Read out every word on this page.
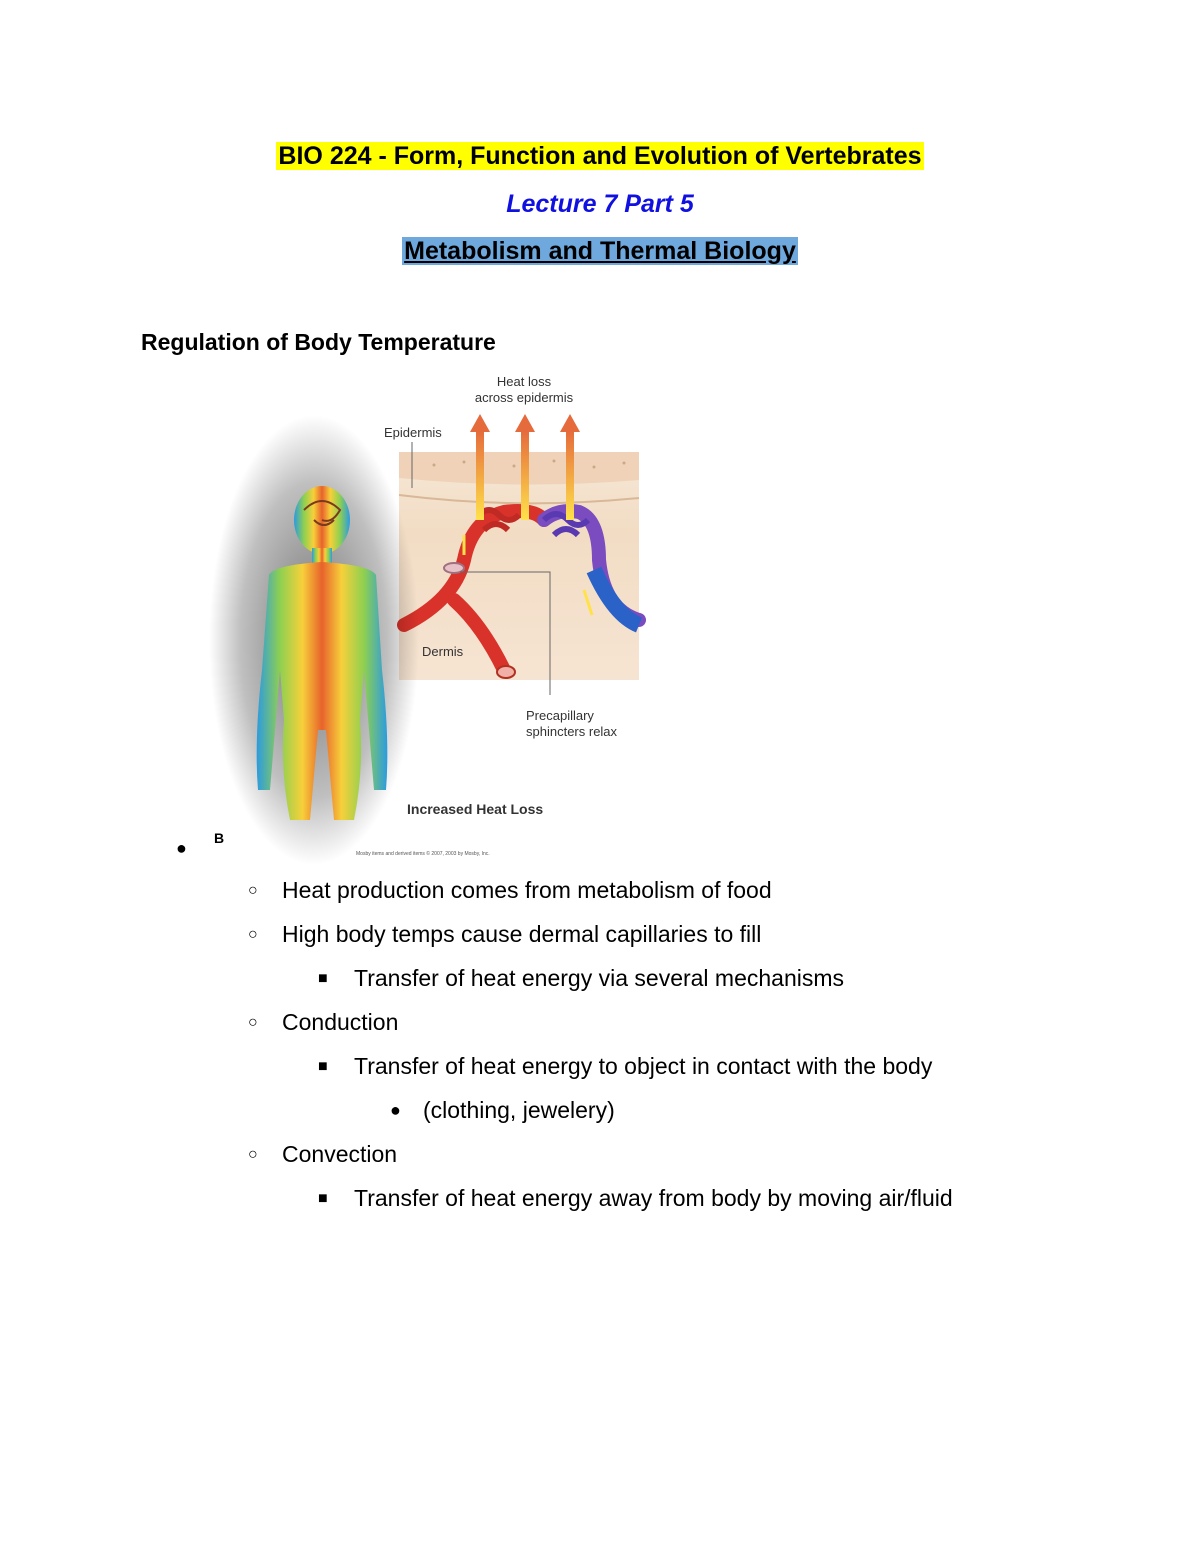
BIO 224 - Form, Function and Evolution of Vertebrates
Lecture 7 Part 5
Metabolism and Thermal Biology
Regulation of Body Temperature
Heat loss
across epidermis
Epidermis
Dermis
Precapillary
sphincters relax
Increased Heat Loss
Mosby items and derived items © 2007, 2003 by Mosby, Inc.
● B
○ Heat production comes from metabolism of food
○ High body temps cause dermal capillaries to fill
■ Transfer of heat energy via several mechanisms
○ Conduction
■ Transfer of heat energy to object in contact with the body
● (clothing, jewelery)
○ Convection
■ Transfer of heat energy away from body by moving air/fluid
